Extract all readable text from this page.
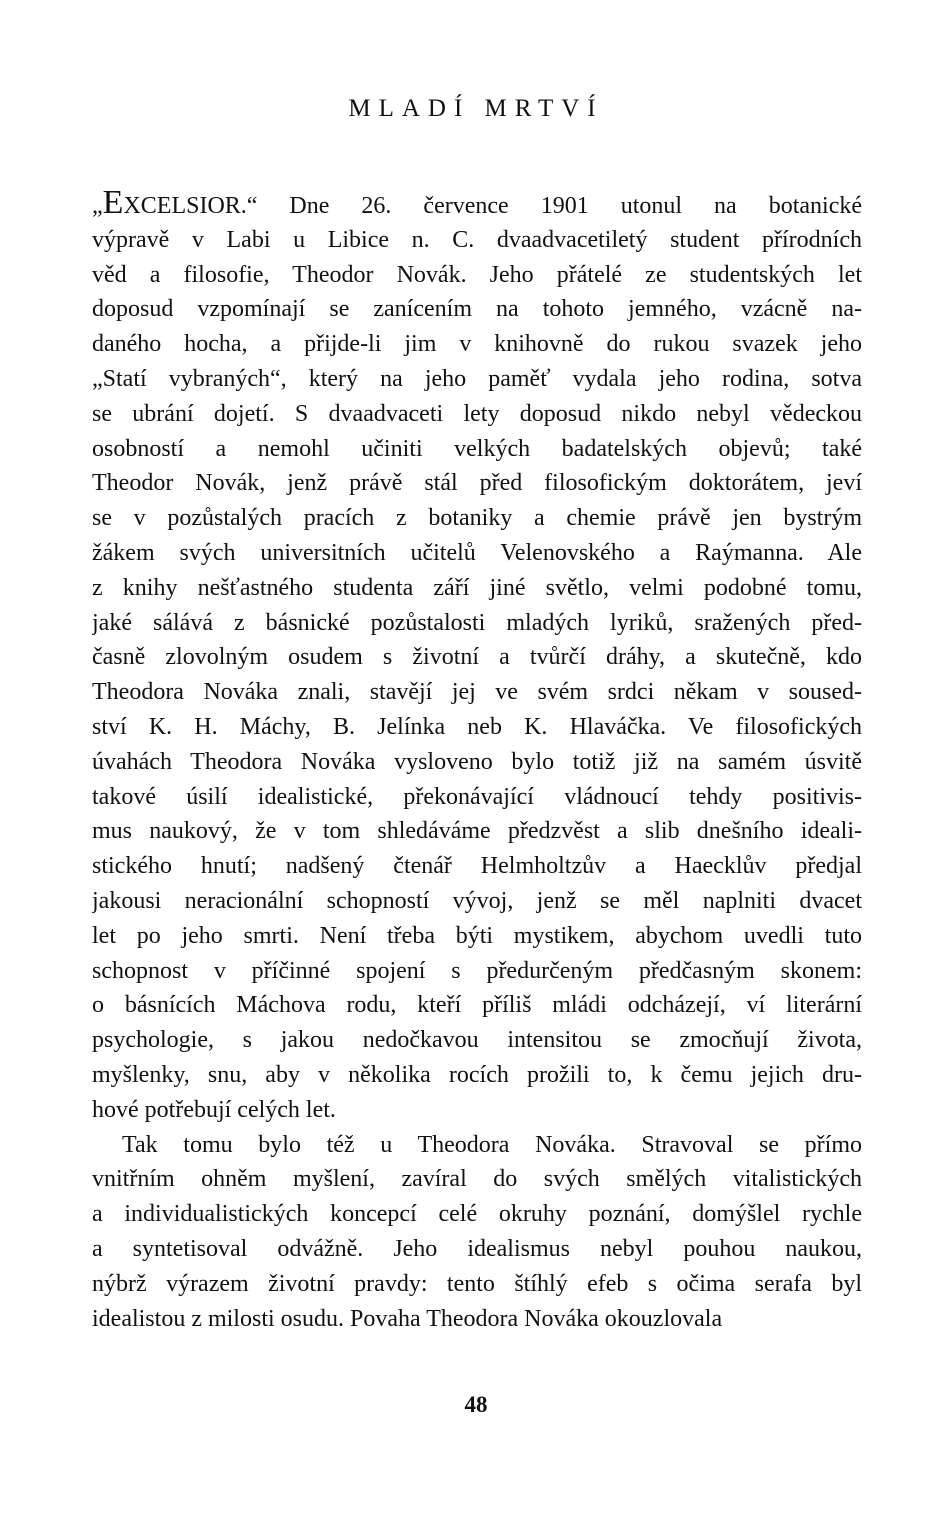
MLADÍ MRTVÍ
„EXCELSIOR.“ Dne 26. července 1901 utonul na botanické
výpravě v Labi u Libice n. C. dvaadvacetiletý student přírodních
věd a filosofie, Theodor Novák. Jeho přátelé ze studentských let
doposud vzpomínají se zanícením na tohoto jemného, vzácně na-
daného hocha, a přijde-li jim v knihovně do rukou svazek jeho
„Statí vybraných“, který na jeho paměť vydala jeho rodina, sotva
se ubrání dojetí. S dvaadvaceti lety doposud nikdo nebyl vědeckou
osobností a nemohl učiniti velkých badatelských objevů; také
Theodor Novák, jenž právě stál před filosofickým doktorátem, jeví
se v pozůstalých pracích z botaniky a chemie právě jen bystrým
žákem svých universitních učitelů Velenovského a Raýmanna. Ale
z knihy nešťastného studenta září jiné světlo, velmi podobné tomu,
jaké sálává z básnické pozůstalosti mladých lyriků, sražených před-
časně zlovolným osudem s životní a tvůrčí dráhy, a skutečně, kdo
Theodora Nováka znali, stavějí jej ve svém srdci někam v soused-
ství K. H. Máchy, B. Jelínka neb K. Hlaváčka. Ve filosofických
úvahách Theodora Nováka vysloveno bylo totiž již na samém úsvitě
takové úsilí idealistické, překonávající vládnoucí tehdy positivis-
mus naukový, že v tom shledáváme předzvěst a slib dnešního ideali-
stického hnutí; nadšený čtenář Helmholtzův a Haecklův předjal
jakousi neracionální schopností vývoj, jenž se měl naplniti dvacet
let po jeho smrti. Není třeba býti mystikem, abychom uvedli tuto
schopnost v příčinné spojení s předurčeným předčasným skonem:
o básnících Máchova rodu, kteří příliš mládi odcházejí, ví literární
psychologie, s jakou nedočkavou intensitou se zmocňují života,
myšlenky, snu, aby v několika rocích prožili to, k čemu jejich dru-
hové potřebují celých let.
Tak tomu bylo též u Theodora Nováka. Stravoval se přímo
vnitřním ohněm myšlení, zavíral do svých smělých vitalistických
a individualistických koncepcí celé okruhy poznání, domýšlel rychle
a syntetisoval odvážně. Jeho idealismus nebyl pouhou naukou,
nýbrž výrazem životní pravdy: tento štíhlý efeb s očima serafa byl
idealistou z milosti osudu. Povaha Theodora Nováka okouzlovala
48
